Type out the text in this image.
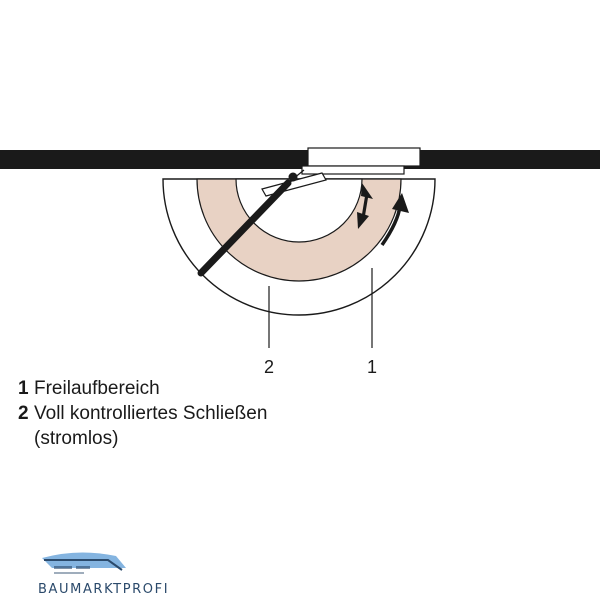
1
2
1 Freilaufbereich
2 Voll kontrolliertes Schließen
(stromlos)
BAUMARKTPROFI
